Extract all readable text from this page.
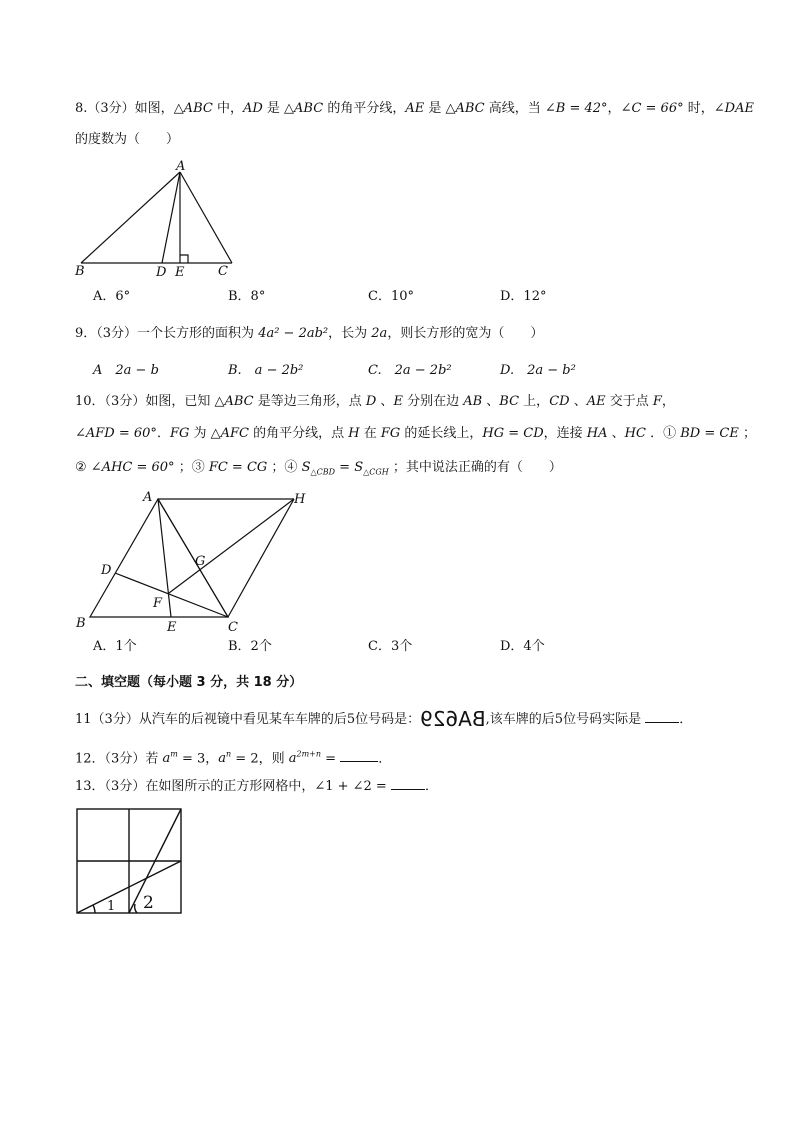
8.（3分）如图，△ABC 中，AD 是 △ABC 的角平分线，AE 是 △ABC 高线，当 ∠B = 42°，∠C = 66° 时，∠DAE
的度数为（　　）
A
B	D E	C
A．6°	B．8°	C．10°	D．12°
9．（3分）一个长方形的面积为 4a² − 2ab²，长为 2a，则长方形的宽为（　　）
A　2a − b	B.　a − 2b²	C.　2a − 2b²	D.　2a − b²
10．（3分）如图，已知 △ABC 是等边三角形，点 D 、E 分别在边 AB 、BC 上，CD 、AE 交于点 F，
∠AFD = 60°．FG 为 △AFC 的角平分线，点 H 在 FG 的延长线上，HG = CD，连接 HA 、HC ．① BD = CE ；
② ∠AHC = 60° ；③ FC = CG ；④ $S_{\triangle CBD} = S_{\triangle CGH}$ ；其中说法正确的有（　　）
A	H
D
G
F
B	E	C
A．1个	B．2个	C．3个	D．4个
二、填空题（每小题 3 分，共 18 分）
11（3分）从汽车的后视镜中看见某车车牌的后5位号码是：BA629,该车牌的后5位号码实际是	．
12．（3分）若 $a^m = 3$，$a^n = 2$，则 $a^{2m+n}$ =	．
13．（3分）在如图所示的正方形网格中，∠1 + ∠2 =	．
1 2
